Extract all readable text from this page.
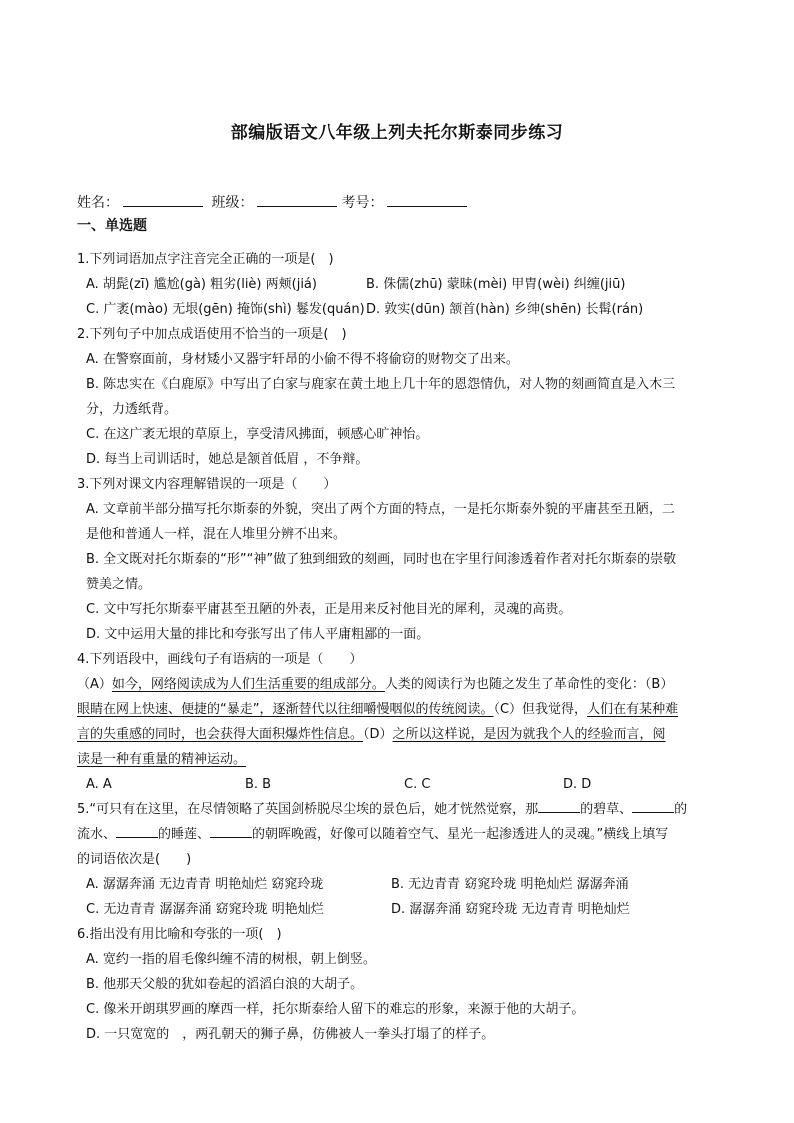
部编版语文八年级上列夫托尔斯泰同步练习
姓名：	班级：	考号：
一、单选题

1.下列词语加点字注音完全正确的一项是(　)

A. 胡髭(zī) 尴尬(gà) 粗劣(liè) 两颊(jiá)	B. 侏儒(zhū) 蒙昧(mèi) 甲胄(wèi) 纠缠(jiū)
C. 广袤(mào) 无垠(gēn) 掩饰(shì) 鬈发(quán) D. 敦实(dūn) 颔首(hàn) 乡绅(shēn) 长髯(rán)

2.下列句子中加点成语使用不恰当的一项是(　)

A. 在警察面前，身材矮小又器宇轩昂的小偷不得不将偷窃的财物交了出来。

B. 陈忠实在《白鹿原》中写出了白家与鹿家在黄土地上几十年的恩怨情仇，对人物的刻画简直是入木三

分，力透纸背。

C. 在这广袤无垠的草原上，享受清风拂面，顿感心旷神怡。

D. 每当上司训话时，她总是颔首低眉 ，不争辩。

3.下列对课文内容理解错误的一项是（　　）

A. 文章前半部分描写托尔斯泰的外貌，突出了两个方面的特点，一是托尔斯泰外貌的平庸甚至丑陋，二

是他和普通人一样，混在人堆里分辨不出来。

B. 全文既对托尔斯泰的“形”“神”做了独到细致的刻画，同时也在字里行间渗透着作者对托尔斯泰的崇敬

赞美之情。

C. 文中写托尔斯泰平庸甚至丑陋的外表，正是用来反衬他目光的犀利，灵魂的高贵。

D. 文中运用大量的排比和夸张写出了伟人平庸粗鄙的一面。

4.下列语段中，画线句子有语病的一项是（　　）

（A）如今，网络阅读成为人们生活重要的组成部分。人类的阅读行为也随之发生了革命性的变化：（B）

眼睛在网上快速、便捷的“暴走”，逐渐替代以往细嚼慢咽似的传统阅读。（C）但我觉得，人们在有某种难

言的失重感的同时，也会获得大面积爆炸性信息。（D）之所以这样说，是因为就我个人的经验而言，阅

读是一种有重量的精神运动。

A. A	B. B	C. C	D. D

5.“可只有在这里，在尽情领略了英国剑桥脱尽尘埃的景色后，她才恍然觉察，那	的碧草、	的

流水、	的睡莲、	的朝晖晚霞，好像可以随着空气、星光一起渗透进人的灵魂。”横线上填写

的词语依次是(　　)

A. 潺潺奔涌 无边青青 明艳灿烂 窈窕玲珑	B. 无边青青 窈窕玲珑 明艳灿烂 潺潺奔涌
C. 无边青青 潺潺奔涌 窈窕玲珑 明艳灿烂	D. 潺潺奔涌 窈窕玲珑 无边青青 明艳灿烂

6.指出没有用比喻和夸张的一项(　)

A. 宽约一指的眉毛像纠缠不清的树根，朝上倒竖。

B. 他那天父般的犹如卷起的滔滔白浪的大胡子。

C. 像米开朗琪罗画的摩西一样，托尔斯泰给人留下的难忘的形象，来源于他的大胡子。

D. 一只宽宽的　，两孔朝天的狮子鼻，仿佛被人一拳头打塌了的样子。
